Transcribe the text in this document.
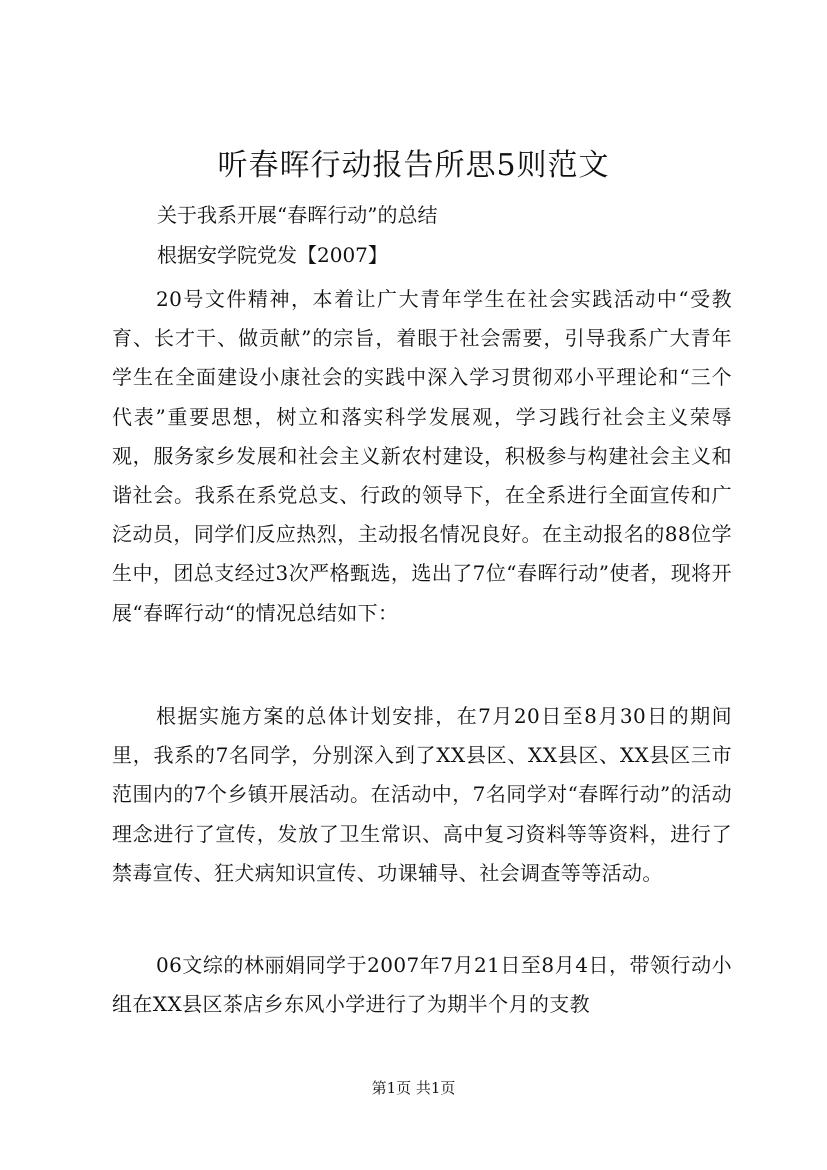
听春晖行动报告所思5则范文
关于我系开展“春晖行动”的总结
根据安学院党发【2007】
20号文件精神，本着让广大青年学生在社会实践活动中“受教育、长才干、做贡献”的宗旨，着眼于社会需要，引导我系广大青年学生在全面建设小康社会的实践中深入学习贯彻邓小平理论和“三个代表”重要思想，树立和落实科学发展观，学习践行社会主义荣辱观，服务家乡发展和社会主义新农村建设，积极参与构建社会主义和谐社会。我系在系党总支、行政的领导下，在全系进行全面宣传和广泛动员，同学们反应热烈，主动报名情况良好。在主动报名的88位学生中，团总支经过3次严格甄选，选出了7位“春晖行动”使者，现将开展“春晖行动“的情况总结如下：
根据实施方案的总体计划安排，在7月20日至8月30日的期间里，我系的7名同学，分别深入到了XX县区、XX县区、XX县区三市范围内的7个乡镇开展活动。在活动中，7名同学对“春晖行动”的活动理念进行了宣传，发放了卫生常识、高中复习资料等等资料，进行了禁毒宣传、狂犬病知识宣传、功课辅导、社会调查等等活动。
06文综的林丽娟同学于2007年7月21日至8月4日，带领行动小组在XX县区茶店乡东风小学进行了为期半个月的支教
第1页 共1页
